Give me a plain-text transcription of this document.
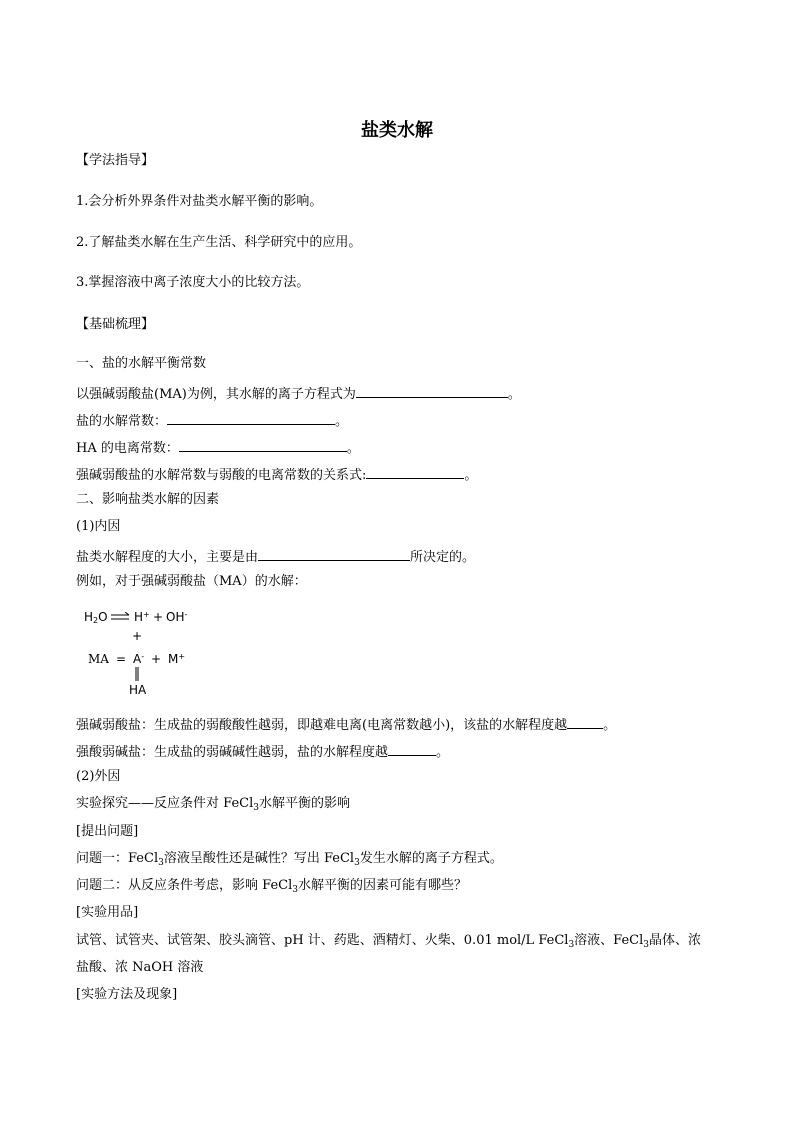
盐类水解
【学法指导】
1.会分析外界条件对盐类水解平衡的影响。
2.了解盐类水解在生产生活、科学研究中的应用。
3.掌握溶液中离子浓度大小的比较方法。
【基础梳理】
一、盐的水解平衡常数
以强碱弱酸盐(MA)为例，其水解的离子方程式为	。
盐的水解常数：	。
HA 的电离常数：	。
强碱弱酸盐的水解常数与弱酸的电离常数的关系式:	。
二、影响盐类水解的因素
(1)内因
盐类水解程度的大小，主要是由	所决定的。
例如，对于强碱弱酸盐（MA）的水解：
$H_2O$ H+ + OH-
+
MA = A- + M+
HA
强碱弱酸盐：生成盐的弱酸酸性越弱，即越难电离(电离常数越小)，该盐的水解程度越	。
强酸弱碱盐：生成盐的弱碱碱性越弱，盐的水解程度越	。
(2)外因
实验探究——反应条件对 FeCl$_3$水解平衡的影响
[提出问题]
问题一：FeCl$_3$溶液呈酸性还是碱性？写出 FeCl$_3$发生水解的离子方程式。
问题二：从反应条件考虑，影响 FeCl$_3$水解平衡的因素可能有哪些？
[实验用品]
试管、试管夹、试管架、胶头滴管、pH 计、药匙、酒精灯、火柴、0.01 mol/L FeCl$_3$溶液、FeCl$_3$晶体、浓
盐酸、浓 NaOH 溶液
[实验方法及现象]
